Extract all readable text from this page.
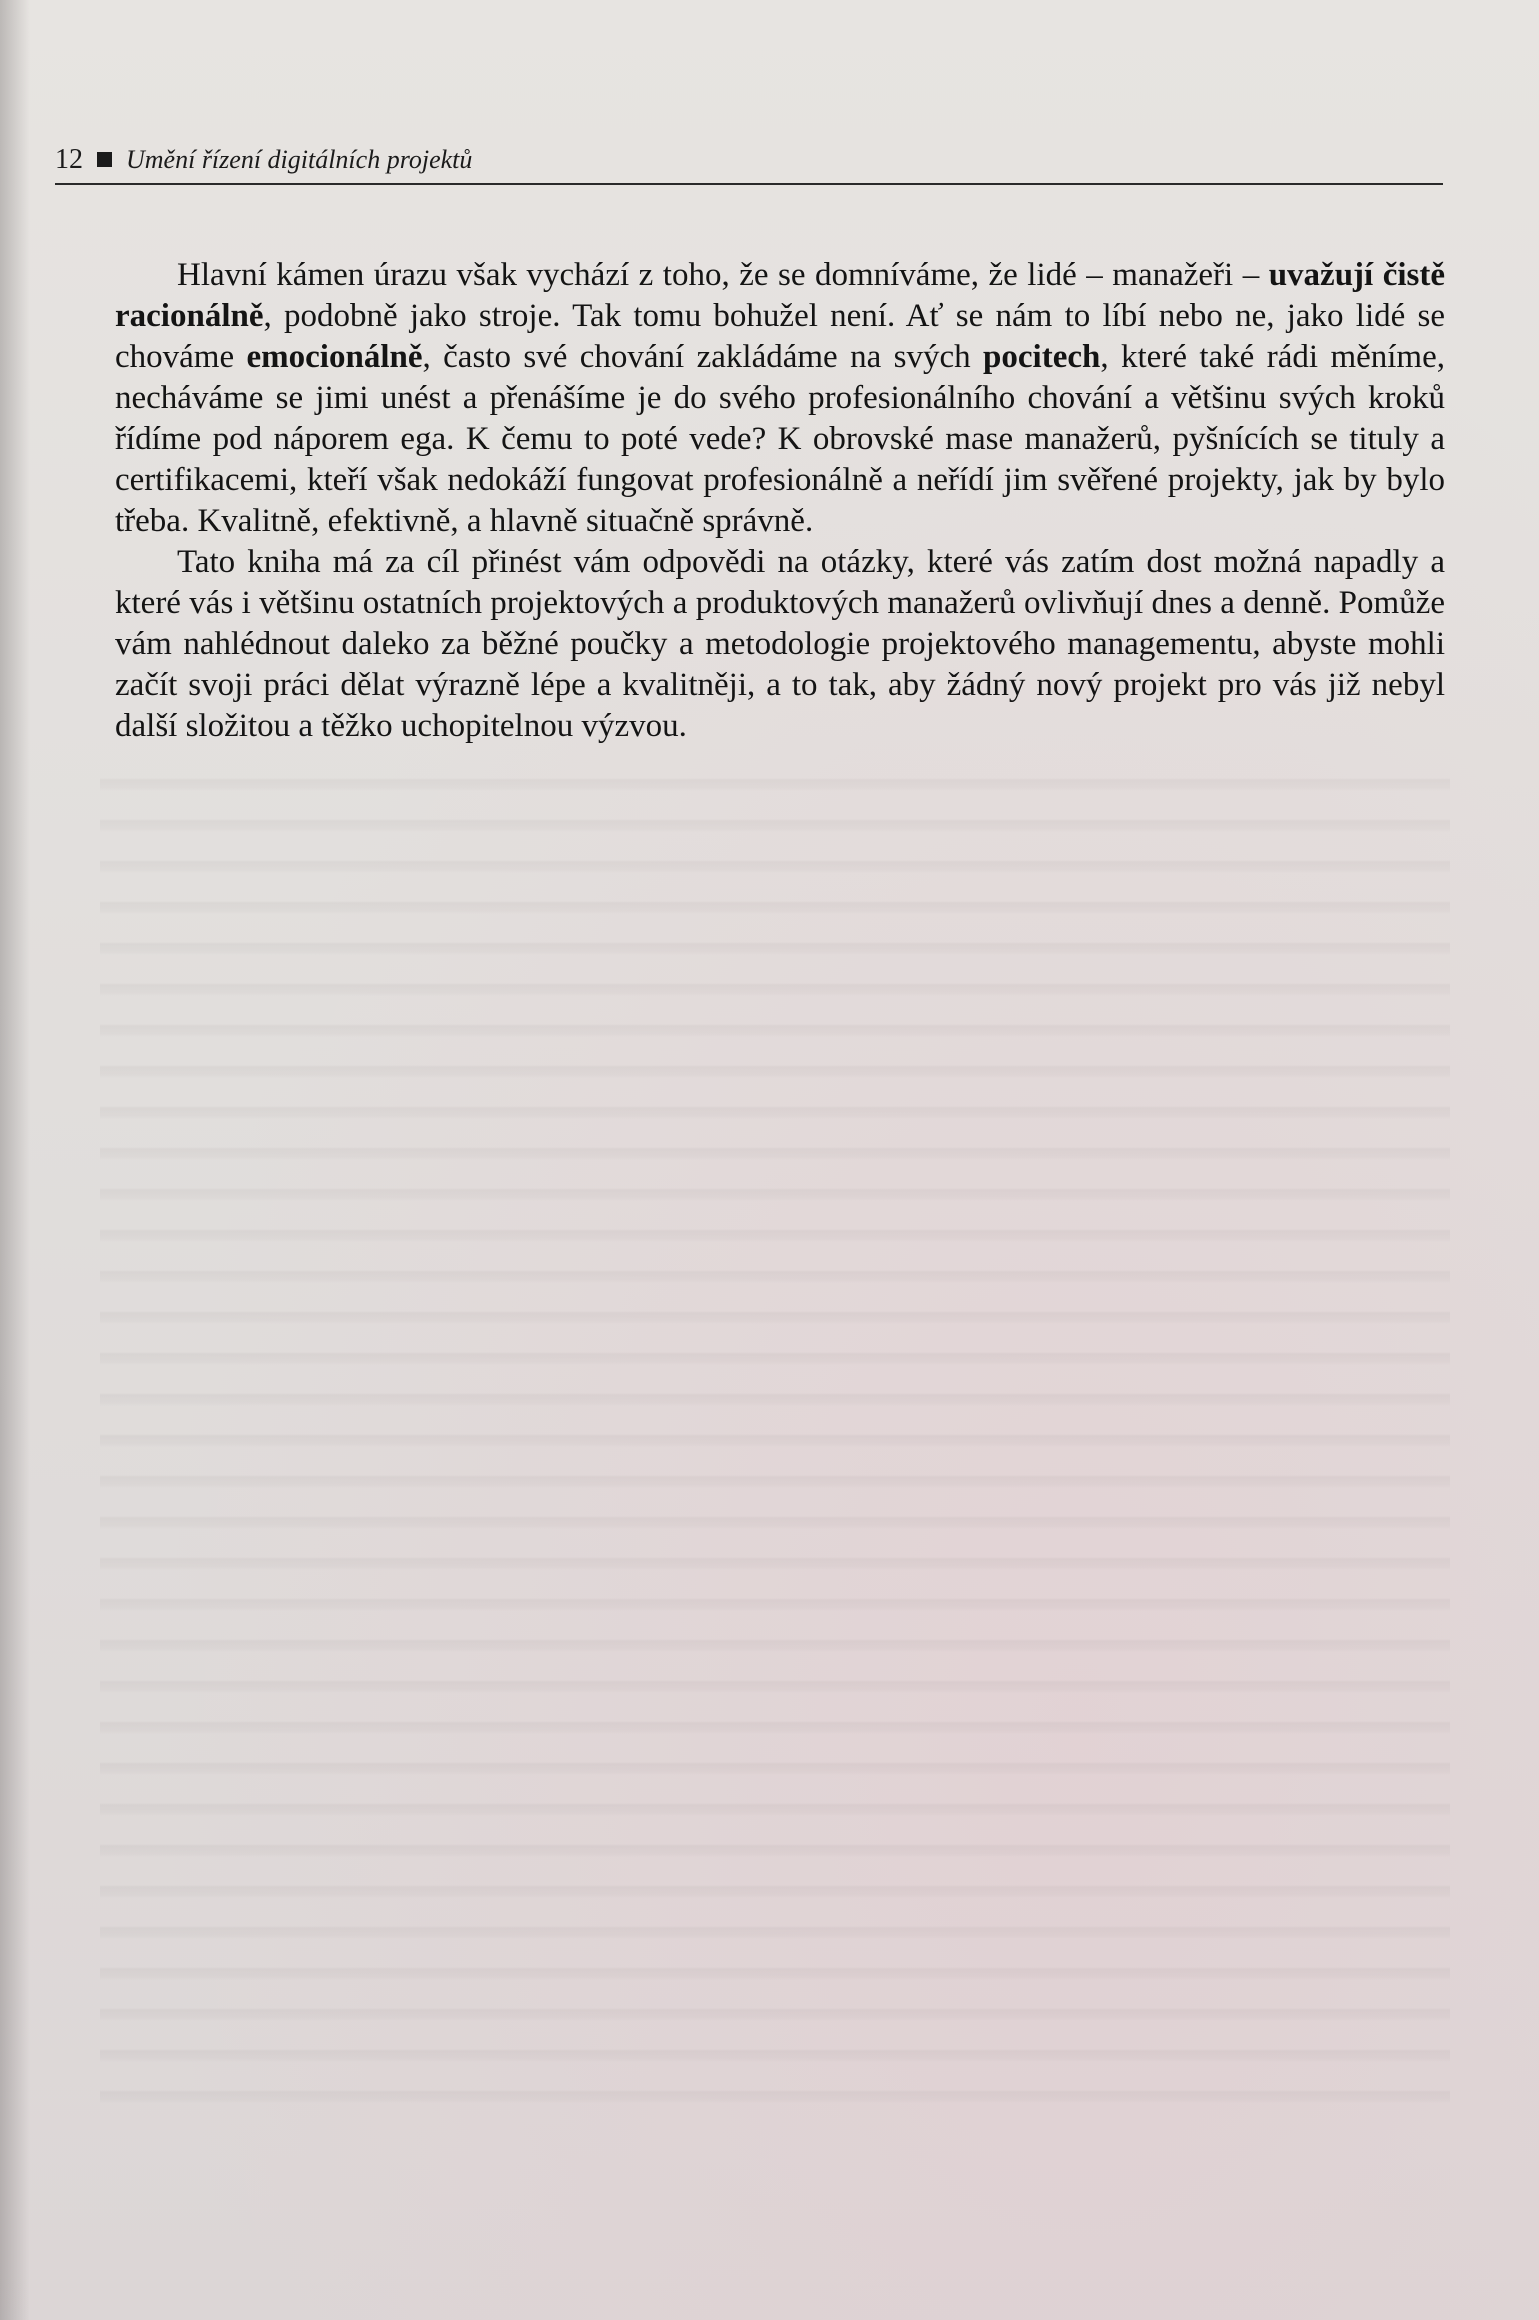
12 Umění řízení digitálních projektů

Hlavní kámen úrazu však vychází z toho, že se domníváme, že lidé – manažeři – uvažují čistě racionálně, podobně jako stroje. Tak tomu bohužel není. Ať se nám to líbí nebo ne, jako lidé se chováme emocionálně, často své chování zakládáme na svých pocitech, které také rádi měníme, necháváme se jimi unést a přenášíme je do svého profesionálního chování a většinu svých kroků řídíme pod náporem ega. K čemu to poté vede? K obrovské mase manažerů, pyšnících se tituly a certifikacemi, kteří však nedokáží fungovat profesionálně a neřídí jim svěřené projekty, jak by bylo třeba. Kvalitně, efektivně, a hlavně situačně správně.

Tato kniha má za cíl přinést vám odpovědi na otázky, které vás zatím dost možná napadly a které vás i většinu ostatních projektových a produktových manažerů ovlivňují dnes a denně. Pomůže vám nahlédnout daleko za běžné poučky a metodologie projektového managementu, abyste mohli začít svoji práci dělat výrazně lépe a kvalitněji, a to tak, aby žádný nový projekt pro vás již nebyl další složitou a těžko uchopitelnou výzvou.
